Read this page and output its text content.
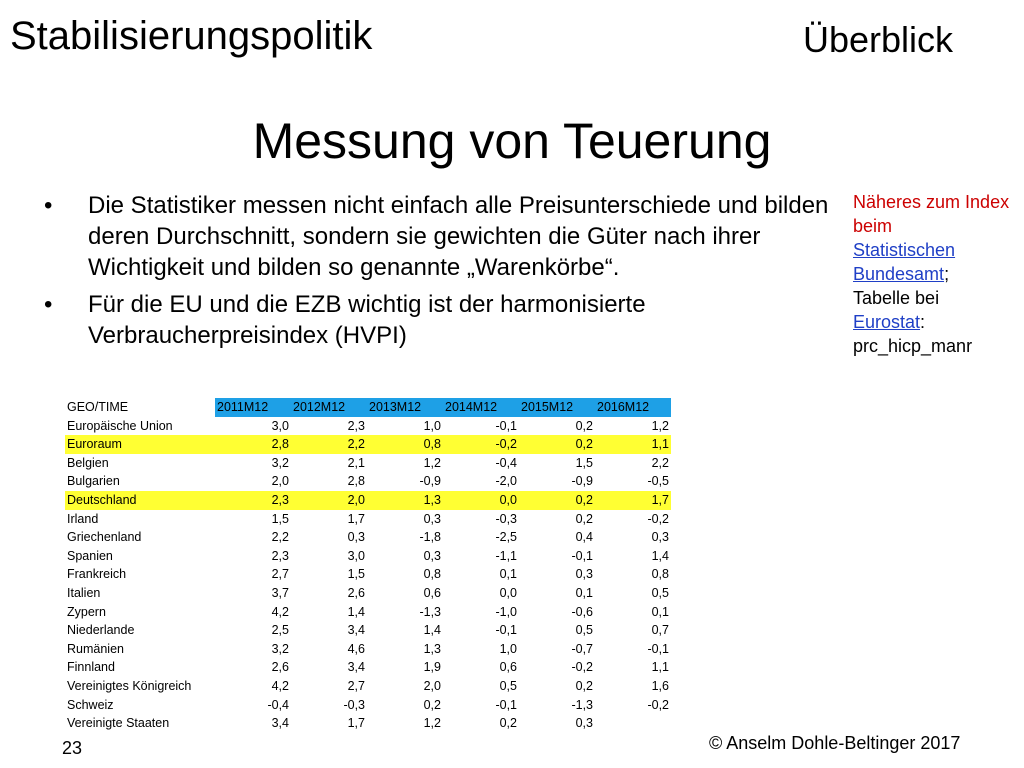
Stabilisierungspolitik	Überblick
Messung von Teuerung
• Die Statistiker messen nicht einfach alle Preisunterschiede und bilden deren Durchschnitt, sondern sie gewichten die Güter nach ihrer Wichtigkeit und bilden so genannte „Warenkörbe“.
• Für die EU und die EZB wichtig ist der harmonisierte Verbraucherpreisindex (HVPI)
Näheres zum Index beim
Statistischen Bundesamt;
Tabelle bei
Eurostat:
prc_hicp_manr
GEO/TIME	2011M12	2012M12	2013M12	2014M12	2015M12	2016M12
Europäische Union	3,0	2,3	1,0	-0,1	0,2	1,2
Euroraum	2,8	2,2	0,8	-0,2	0,2	1,1
Belgien	3,2	2,1	1,2	-0,4	1,5	2,2
Bulgarien	2,0	2,8	-0,9	-2,0	-0,9	-0,5
Deutschland	2,3	2,0	1,3	0,0	0,2	1,7
Irland	1,5	1,7	0,3	-0,3	0,2	-0,2
Griechenland	2,2	0,3	-1,8	-2,5	0,4	0,3
Spanien	2,3	3,0	0,3	-1,1	-0,1	1,4
Frankreich	2,7	1,5	0,8	0,1	0,3	0,8
Italien	3,7	2,6	0,6	0,0	0,1	0,5
Zypern	4,2	1,4	-1,3	-1,0	-0,6	0,1
Niederlande	2,5	3,4	1,4	-0,1	0,5	0,7
Rumänien	3,2	4,6	1,3	1,0	-0,7	-0,1
Finnland	2,6	3,4	1,9	0,6	-0,2	1,1
Vereinigtes Königreich	4,2	2,7	2,0	0,5	0,2	1,6
Schweiz	-0,4	-0,3	0,2	-0,1	-1,3	-0,2
Vereinigte Staaten	3,4	1,7	1,2	0,2	0,3	
23	© Anselm Dohle-Beltinger 2017
